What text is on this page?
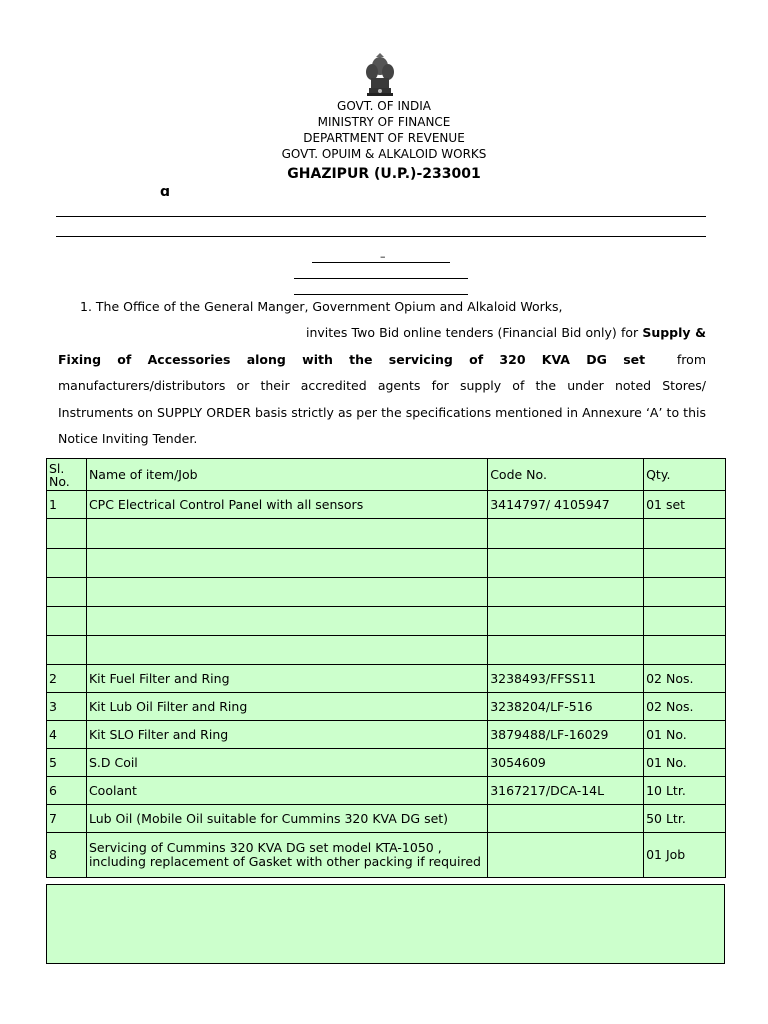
GOVT. OF INDIA
MINISTRY OF FINANCE
DEPARTMENT OF REVENUE
GOVT. OPUIM & ALKALOID WORKS
GHAZIPUR (U.P.)-233001
ɑ
–
1. The Office of the General Manger, Government Opium and Alkaloid Works,
invites Two Bid online tenders (Financial Bid only) for Supply & Fixing of Accessories along with the servicing of 320 KVA DG set	from manufacturers/distributors or their accredited agents for supply of the under noted Stores/ Instruments on SUPPLY ORDER basis strictly as per the specifications mentioned in Annexure ‘A’ to this Notice Inviting Tender.
Sl. No.	Name of item/Job	Code No.	Qty.
1	CPC Electrical Control Panel with all sensors	3414797/ 4105947	01 set

2	Kit Fuel Filter and Ring	3238493/FFSS11	02 Nos.
3	Kit Lub Oil Filter and Ring	3238204/LF-516	02 Nos.
4	Kit SLO Filter and Ring	3879488/LF-16029	01 No.
5	S.D Coil	3054609	01 No.
6	Coolant	3167217/DCA-14L	10 Ltr.
7	Lub Oil (Mobile Oil suitable for Cummins 320 KVA DG set)		50 Ltr.
8	Servicing of Cummins 320 KVA DG set model KTA-1050 , including replacement of Gasket with other packing if required		01 Job
